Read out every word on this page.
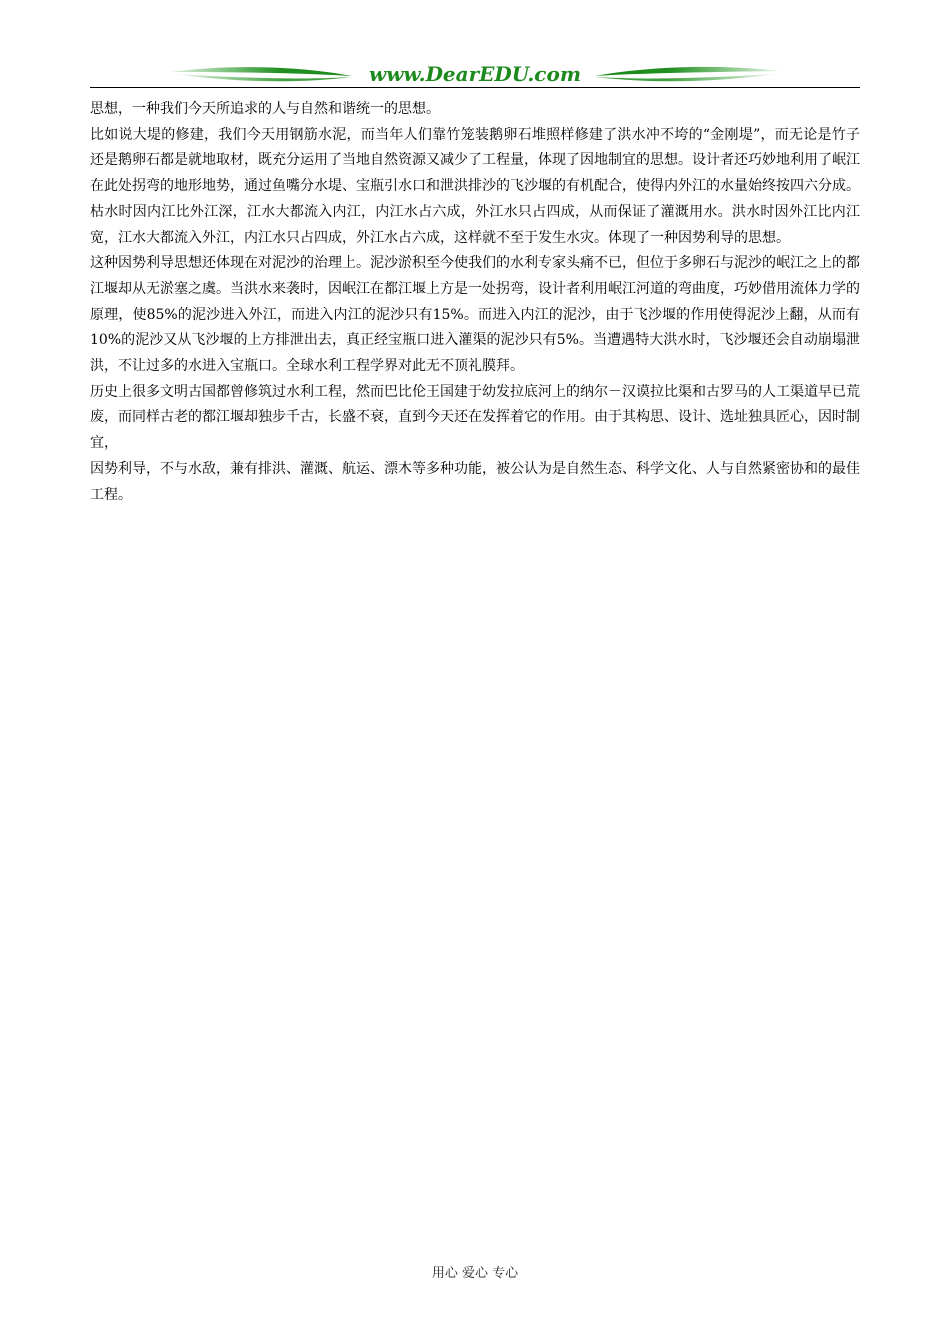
www.DearEDU.com

思想，一种我们今天所追求的人与自然和谐统一的思想。

比如说大堤的修建，我们今天用钢筋水泥，而当年人们靠竹笼装鹅卵石堆照样修建了洪水冲不垮的“金刚堤”，而无论是竹子还是鹅卵石都是就地取材，既充分运用了当地自然资源又减少了工程量，体现了因地制宜的思想。设计者还巧妙地利用了岷江在此处拐弯的地形地势，通过鱼嘴分水堤、宝瓶引水口和泄洪排沙的飞沙堰的有机配合，使得内外江的水量始终按四六分成。枯水时因内江比外江深，江水大都流入内江，内江水占六成，外江水只占四成，从而保证了灌溉用水。洪水时因外江比内江宽，江水大都流入外江，内江水只占四成，外江水占六成，这样就不至于发生水灾。体现了一种因势利导的思想。

这种因势利导思想还体现在对泥沙的治理上。泥沙淤积至今使我们的水利专家头痛不已，但位于多卵石与泥沙的岷江之上的都江堰却从无淤塞之虞。当洪水来袭时，因岷江在都江堰上方是一处拐弯，设计者利用岷江河道的弯曲度，巧妙借用流体力学的原理，使85%的泥沙进入外江，而进入内江的泥沙只有15%。而进入内江的泥沙，由于飞沙堰的作用使得泥沙上翻，从而有10%的泥沙又从飞沙堰的上方排泄出去，真正经宝瓶口进入灌渠的泥沙只有5%。当遭遇特大洪水时，飞沙堰还会自动崩塌泄洪，不让过多的水进入宝瓶口。全球水利工程学界对此无不顶礼膜拜。

历史上很多文明古国都曾修筑过水利工程，然而巴比伦王国建于幼发拉底河上的纳尔－汉谟拉比渠和古罗马的人工渠道早已荒废，而同样古老的都江堰却独步千古，长盛不衰，直到今天还在发挥着它的作用。由于其构思、设计、选址独具匠心，因时制宜，

因势利导，不与水敌，兼有排洪、灌溉、航运、漂木等多种功能，被公认为是自然生态、科学文化、人与自然紧密协和的最佳工程。

用心 爱心 专心
